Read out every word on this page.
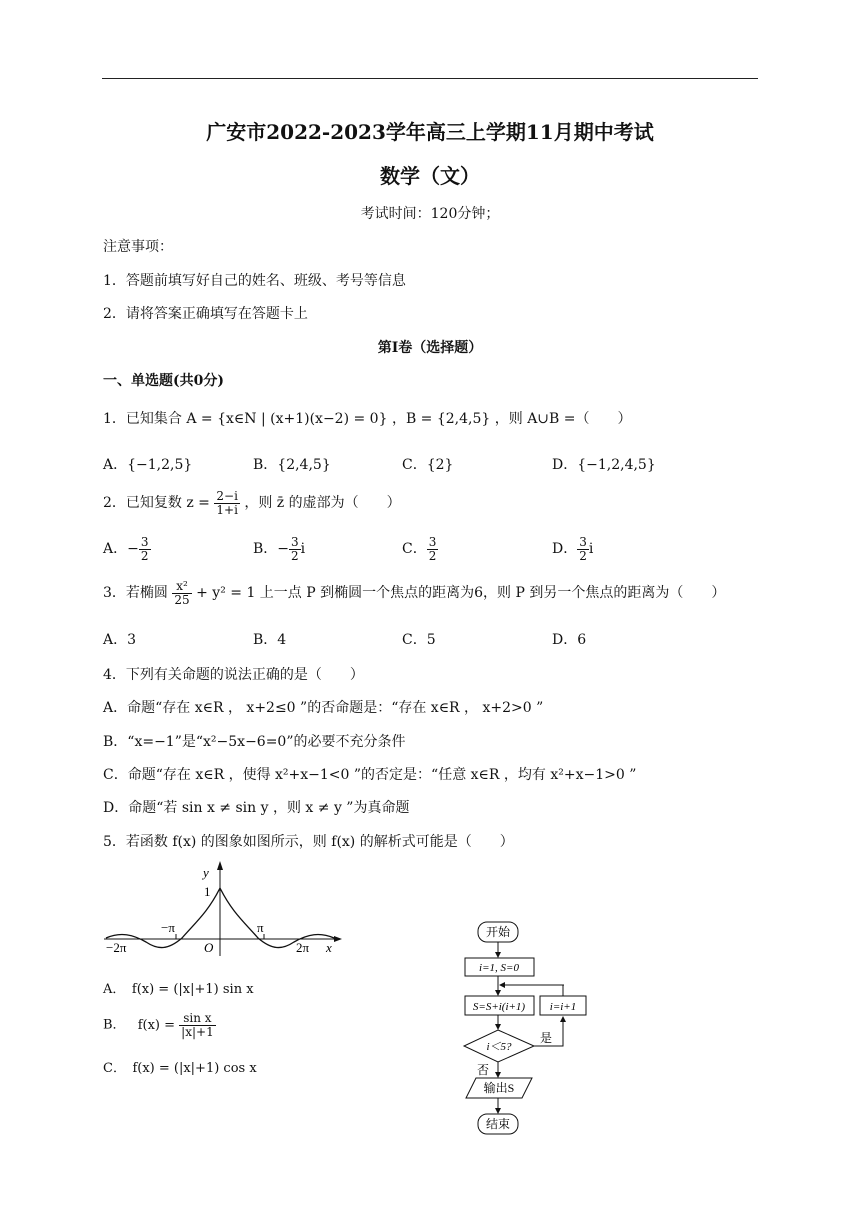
广安市2022-2023学年高三上学期11月期中考试
数学（文）
考试时间：120分钟；
注意事项：
1．答题前填写好自己的姓名、班级、考号等信息
2．请将答案正确填写在答题卡上
第I卷（选择题）
一、单选题(共0分)
1．已知集合 A = {x∈N | (x+1)(x−2) = 0} ，B = {2,4,5} ，则 A∪B =（　　）
A．{−1,2,5}	B．{2,4,5}	C．{2}	D．{−1,2,4,5}
2．已知复数 $z = \frac{2-i}{1+i}$ ，则 z̄ 的虚部为（　　）
A．− $\frac{3}{2}$	B．− $\frac{3}{2}$ i	C． $\frac{3}{2}$	D． $\frac{3}{2}$ i
3．若椭圆 $\frac{\text{x²}}{25} + y^2 = 1$ 上一点 P 到椭圆一个焦点的距离为6，则 P 到另一个焦点的距离为（　　）
A．3	B．4	C．5	D．6
4．下列有关命题的说法正确的是（　　）
A．命题“存在 x∈R ， x+2≤0 ”的否命题是：“存在 x∈R ， x+2>0 ”
B．“x=−1”是“x²−5x−6=0”的必要不充分条件
C．命题“存在 x∈R ，使得 x²+x−1<0 ”的否定是：“任意 x∈R ，均有 x²+x−1>0 ”
D．命题“若 sin x ≠ sin y ，则 x ≠ y ”为真命题
5．若函数 f(x) 的图象如图所示，则 f(x) 的解析式可能是（　　）
y
1
−π
O
π
−2π	2π x
A．　f(x) = (|x|+1) sin x
B． $f(x) = \frac{\text{sin x}}{|x|+1}$
C．　f(x) = (|x|+1) cos x
开始
i=1, S=0
S=S+i(i+1) i=i+1
i＜5?
是
否
输出S
结束
